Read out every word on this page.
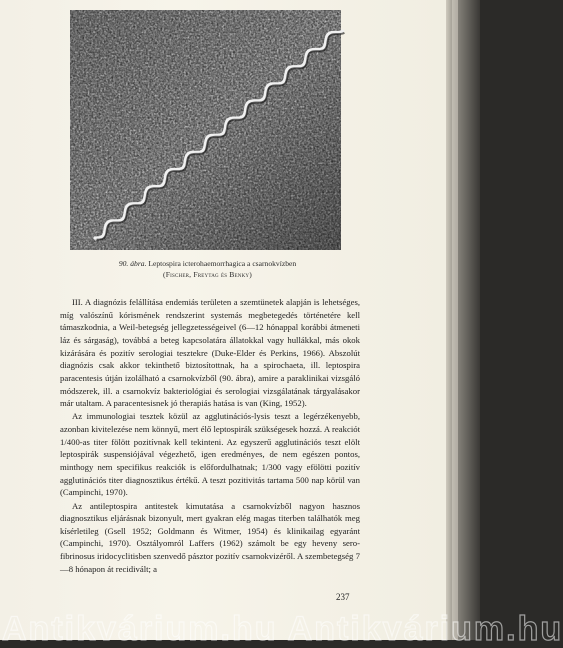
90. ábra. Leptospira icterohaemorrhagica a csarnokvízben
(Fischer, Freytag és Benky)

III. A diagnózis felállítása endemiás területen a szemtünetek alapján is lehetséges, míg valószínű kórismének rendszerint systemás megbetegedés történetére kell támaszkodnia, a Weil-betegség jellegzetességeivel (6—12 hónappal korábbi átmeneti láz és sárgaság), továbbá a beteg kapcsolatára állatokkal vagy hullákkal, más okok kizárására és pozitív serologiai tesztekre (Duke-Elder és Perkins, 1966). Abszolút diagnózis csak akkor tekinthető biztosítottnak, ha a spirochaeta, ill. leptospira paracentesis útján izolálható a csarnokvízből (90. ábra), amire a paraklinikai vizsgáló módszerek, ill. a csarnokvíz bakteriológiai és serologiai vizsgálatának tárgyalásakor már utaltam. A paracentesisnek jó therapiás hatása is van (King, 1952).

Az immunologiai tesztek közül az agglutinációs-lysis teszt a legérzékenyebb, azonban kivitelezése nem könnyű, mert élő leptospirák szükségesek hozzá. A reakciót 1/400-as titer fölött pozitívnak kell tekinteni. Az egyszerű agglutinációs teszt elölt leptospirák suspensiójával végezhető, igen eredményes, de nem egészen pontos, minthogy nem specifikus reakciók is előfordulhatnak; 1/300 vagy efölötti pozitív agglutinációs titer diagnosztikus értékű. A teszt pozitivitás tartama 500 nap körül van (Campinchi, 1970).

Az antileptospira antitestek kimutatása a csarnokvízből nagyon hasznos diagnosztikus eljárásnak bizonyult, mert gyakran elég magas titerben találhatók meg kísérletileg (Gsell 1952; Goldmann és Witmer, 1954) és klinikailag egyaránt (Campinchi, 1970). Osztályomról Laffers (1962) számolt be egy heveny sero-fibrinosus iridocyclitisben szenvedő pásztor pozitív csarnokvizéről. A szembetegség 7—8 hónapon át recidivált; a

237
Antikvárium.hu Antikvárium.hu
